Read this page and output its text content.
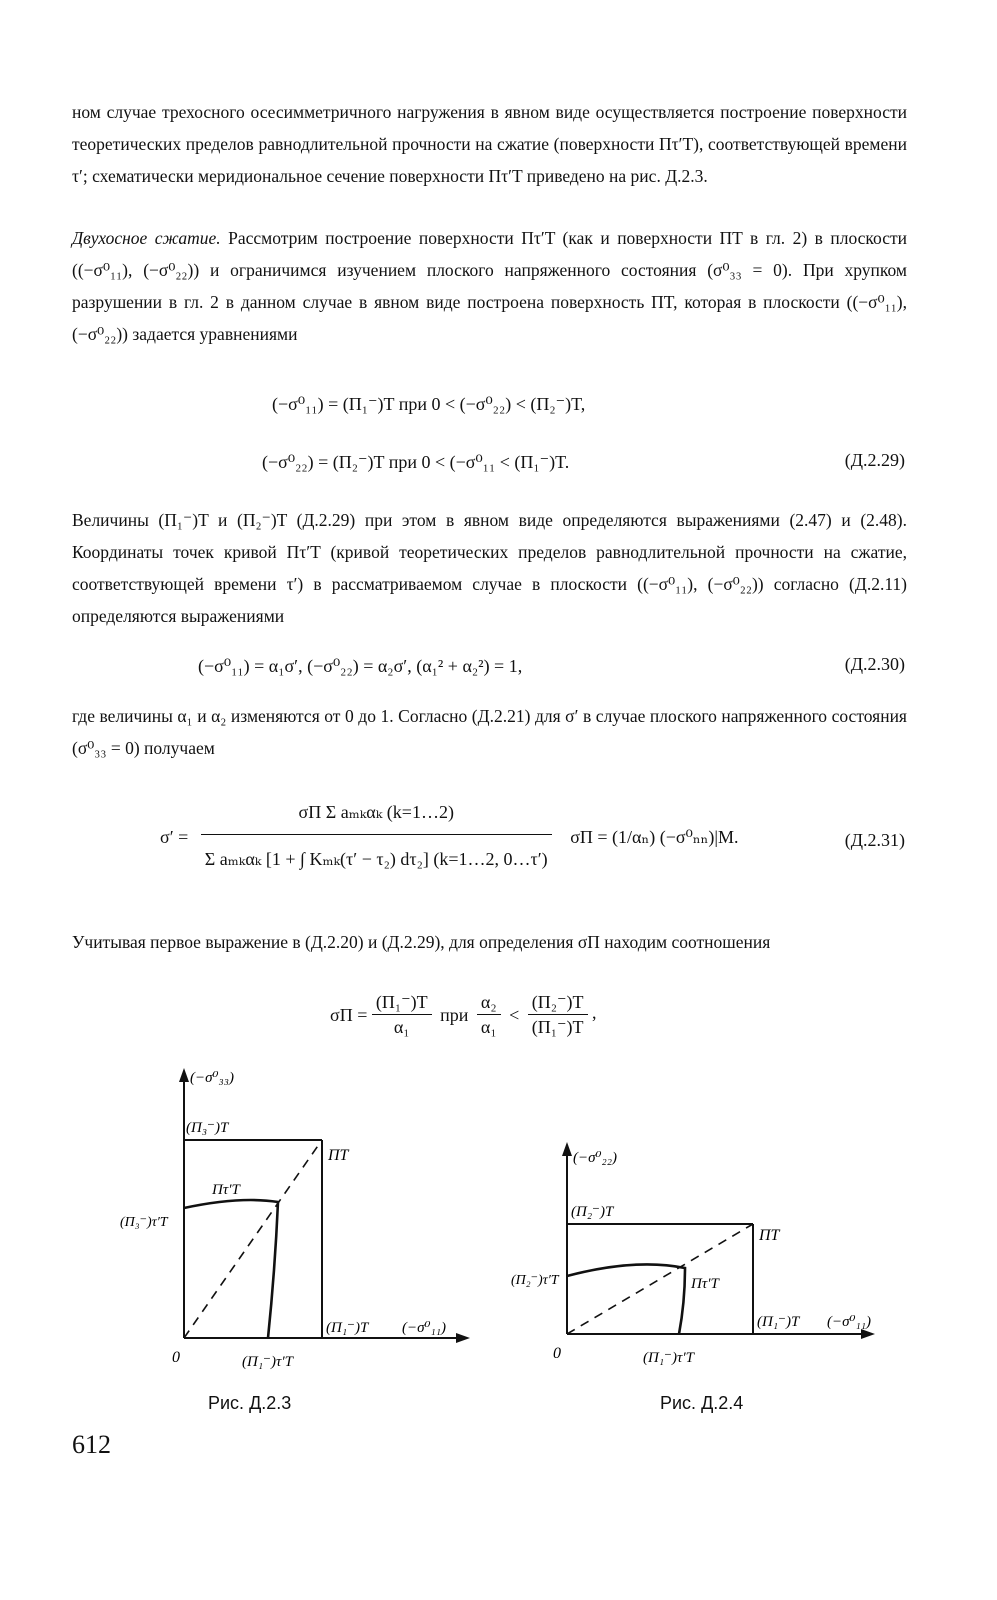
ном случае трехосного осесимметричного нагружения в явном виде осуществляется построение поверхности теоретических пределов равнодлительной прочности на сжатие (поверхности Πτ′T), соответствующей времени τ′; схематически меридиональное сечение поверхности Πτ′T приведено на рис. Д.2.3.
Двухосное сжатие. Рассмотрим построение поверхности Πτ′T (как и поверхности ΠT в гл. 2) в плоскости ((−σ⁰₁₁), (−σ⁰₂₂)) и ограничимся изучением плоского напряженного состояния (σ⁰₃₃ = 0). При хрупком разрушении в гл. 2 в данном случае в явном виде построена поверхность ΠT, которая в плоскости ((−σ⁰₁₁), (−σ⁰₂₂)) задается уравнениями
(−σ⁰₁₁) = (Π₁⁻)T при 0 < (−σ⁰₂₂) < (Π₂⁻)T,
(−σ⁰₂₂) = (Π₂⁻)T при 0 < (−σ⁰₁₁ < (Π₁⁻)T.	(Д.2.29)
Величины (Π₁⁻)T и (Π₂⁻)T (Д.2.29) при этом в явном виде определяются выражениями (2.47) и (2.48). Координаты точек кривой Πτ′T (кривой теоретических пределов равнодлительной прочности на сжатие, соответствующей времени τ′) в рассматриваемом случае в плоскости ((−σ⁰₁₁), (−σ⁰₂₂)) согласно (Д.2.11) определяются выражениями
(−σ⁰₁₁) = α₁σ′, (−σ⁰₂₂) = α₂σ′, (α₁² + α₂²) = 1,	(Д.2.30)
где величины α₁ и α₂ изменяются от 0 до 1. Согласно (Д.2.21) для σ′ в случае плоского напряженного состояния (σ⁰₃₃ = 0) получаем
$\sigma' = \frac{\text{σП Σ aₘₖαₖ (k=1…2)}}{\text{Σ aₘₖαₖ [1 + ∫ Kₘₖ(τ′ − τ₂) dτ₂] (k=1…2, 0…τ′)}}$ σП = (1/αₙ) (−σ⁰ₙₙ)|M.	(Д.2.31)
Учитывая первое выражение в (Д.2.20) и (Д.2.29), для определения σП находим соотношения
$\sigma П = \frac{\text{(Π₁⁻)T}}{\text{α₁}}$ при $\frac{\text{α₂}}{\text{α₁}} < \frac{\text{(Π₂⁻)T}}{\text{(Π₁⁻)T}}$ ,
(−σ⁰₃₃)
(Π₃⁻)T
ΠT
Πτ′T
(Π₃⁻)τ′T
(Π₁⁻)T (−σ⁰₁₁)
0	(Π₁⁻)τ′T
Рис. Д.2.3
(−σ⁰₂₂)
(Π₂⁻)T
ΠT
(Π₂⁻)τ′T	Πτ′T
(Π₁⁻)T (−σ⁰₁₁)
0	(Π₁⁻)τ′T
Рис. Д.2.4
612
